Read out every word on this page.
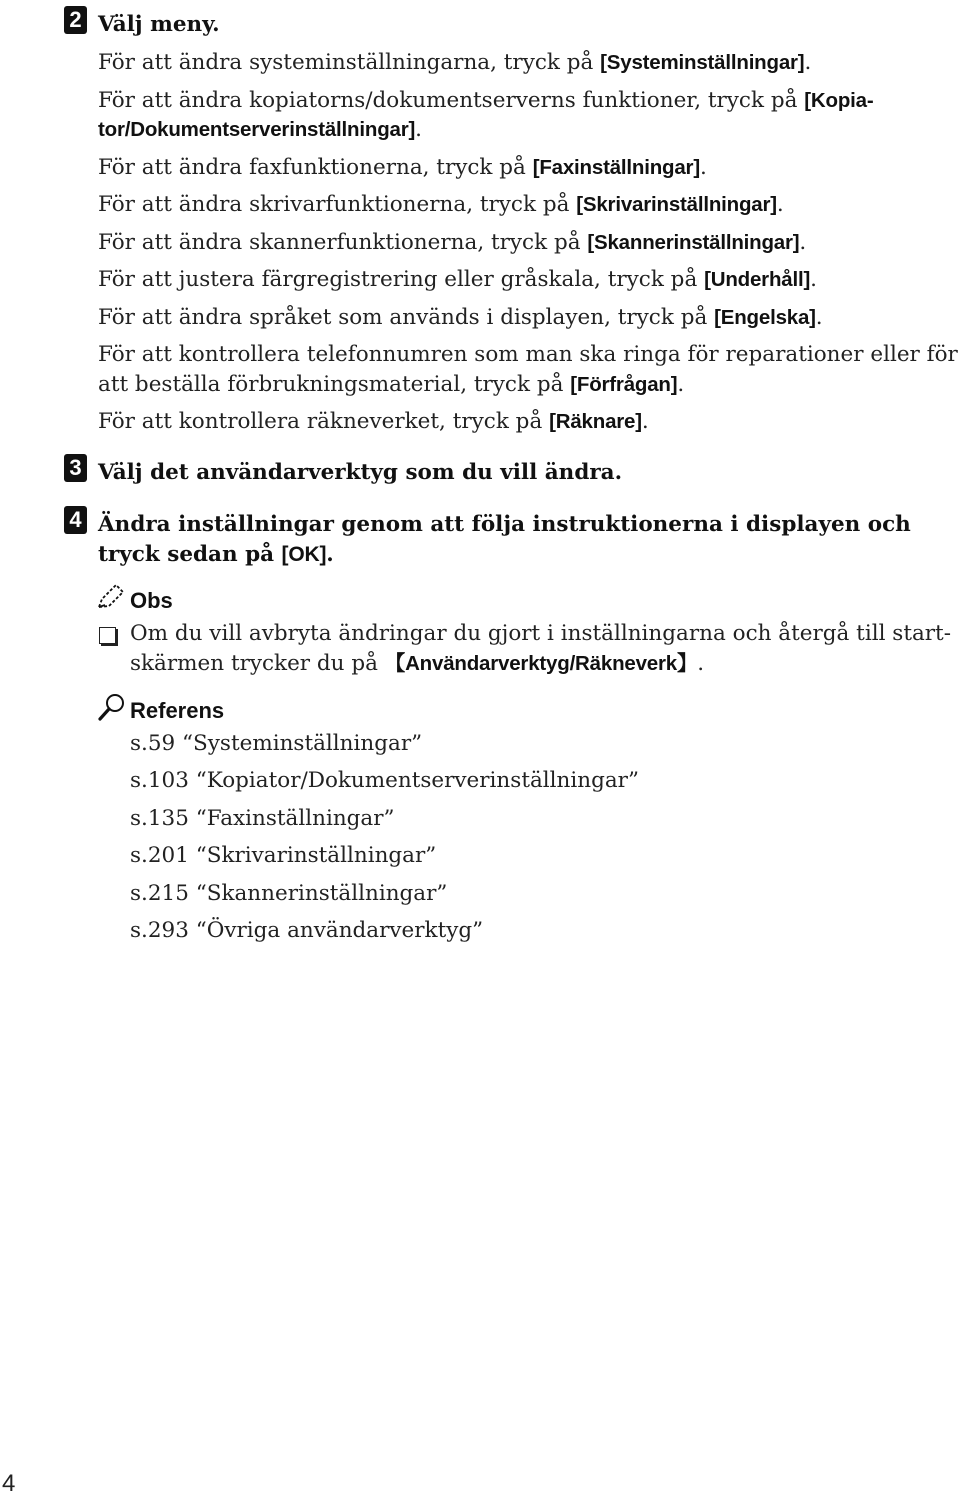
2 Välj meny.

För att ändra systeminställningarna, tryck på [Systeminställningar].

För att ändra kopiatorns/dokumentserverns funktioner, tryck på [Kopia-

tor/Dokumentserverinställningar].

För att ändra faxfunktionerna, tryck på [Faxinställningar].

För att ändra skrivarfunktionerna, tryck på [Skrivarinställningar].

För att ändra skannerfunktionerna, tryck på [Skannerinställningar].

För att justera färgregistrering eller gråskala, tryck på [Underhåll].

För att ändra språket som används i displayen, tryck på [Engelska].

För att kontrollera telefonnumren som man ska ringa för reparationer eller för att beställa förbrukningsmaterial, tryck på [Förfrågan].

För att kontrollera räkneverket, tryck på [Räknare].

3 Välj det användarverktyg som du vill ändra.

4 Ändra inställningar genom att följa instruktionerna i displayen och tryck sedan på [OK].

Obs

Om du vill avbryta ändringar du gjort i inställningarna och återgå till start-skärmen trycker du på 【Användarverktyg/Räkneverk】.

Referens

s.59 “Systeminställningar”

s.103 “Kopiator/Dokumentserverinställningar”

s.135 “Faxinställningar”

s.201 “Skrivarinställningar”

s.215 “Skannerinställningar”

s.293 “Övriga användarverktyg”

4
